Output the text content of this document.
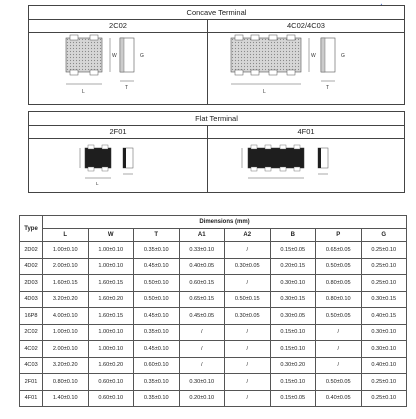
Concave Terminal
2C02	4C02/4C03
L
W
T
G
L
W
T
G
Flat Terminal
2F01	4F01
L
Type	Dimensions (mm)							
	L	W	T	A1	A2	B	P	G
2D02	1.00±0.10	1.00±0.10	0.35±0.10	0.33±0.10	/	0.15±0.05	0.65±0.05	0.25±0.10
4D02	2.00±0.10	1.00±0.10	0.45±0.10	0.40±0.05	0.30±0.05	0.20±0.15	0.50±0.05	0.25±0.10
2D03	1.60±0.15	1.60±0.15	0.50±0.10	0.60±0.15	/	0.30±0.10	0.80±0.05	0.25±0.10
4D03	3.20±0.20	1.60±0.20	0.50±0.10	0.65±0.15	0.50±0.15	0.30±0.15	0.80±0.10	0.30±0.15
16P8	4.00±0.10	1.60±0.15	0.45±0.10	0.45±0.05	0.30±0.05	0.30±0.05	0.50±0.05	0.40±0.15
2C02	1.00±0.10	1.00±0.10	0.35±0.10	/	/	0.15±0.10	/	0.30±0.10
4C02	2.00±0.10	1.00±0.10	0.45±0.10	/	/	0.15±0.10	/	0.30±0.10
4C03	3.20±0.20	1.60±0.20	0.60±0.10	/	/	0.30±0.20	/	0.40±0.10
2F01	0.80±0.10	0.60±0.10	0.35±0.10	0.30±0.10	/	0.15±0.10	0.50±0.05	0.25±0.10
4F01	1.40±0.10	0.60±0.10	0.35±0.10	0.20±0.10	/	0.15±0.05	0.40±0.05	0.25±0.10
